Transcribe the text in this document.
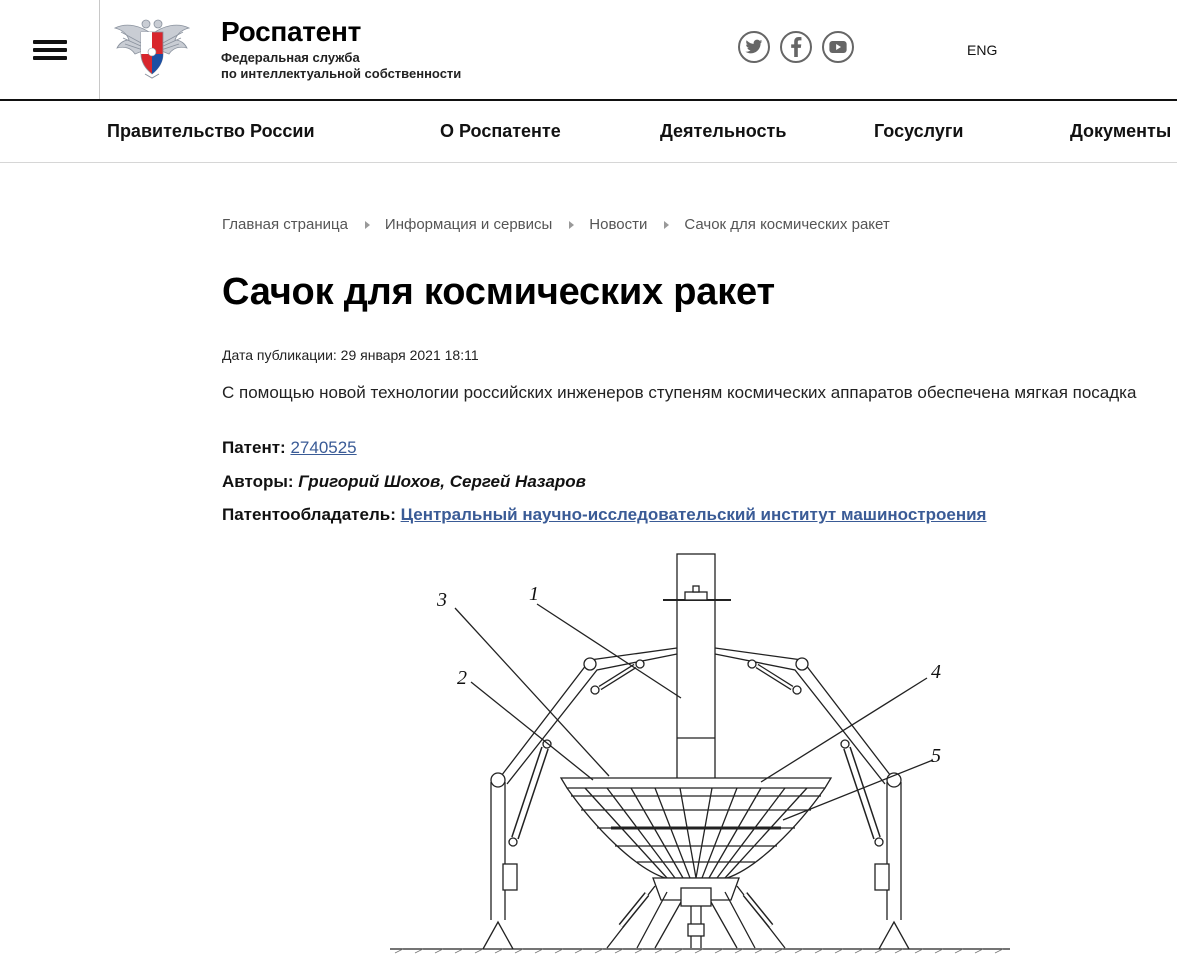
Роспатент
Федеральная служба
по интеллектуальной собственности
ENG
Правительство России	О Роспатенте	Деятельность	Госуслуги	Документы
Главная страница Информация и сервисы Новости Сачок для космических ракет
Сачок для космических ракет
Дата публикации: 29 января 2021 18:11

С помощью новой технологии российских инженеров ступеням космических аппаратов обеспечена мягкая посадка

Патент: 2740525
Авторы: Григорий Шохов, Сергей Назаров
Патентообладатель: Центральный научно-исследовательский институт машиностроения
3	1
2	4
5
